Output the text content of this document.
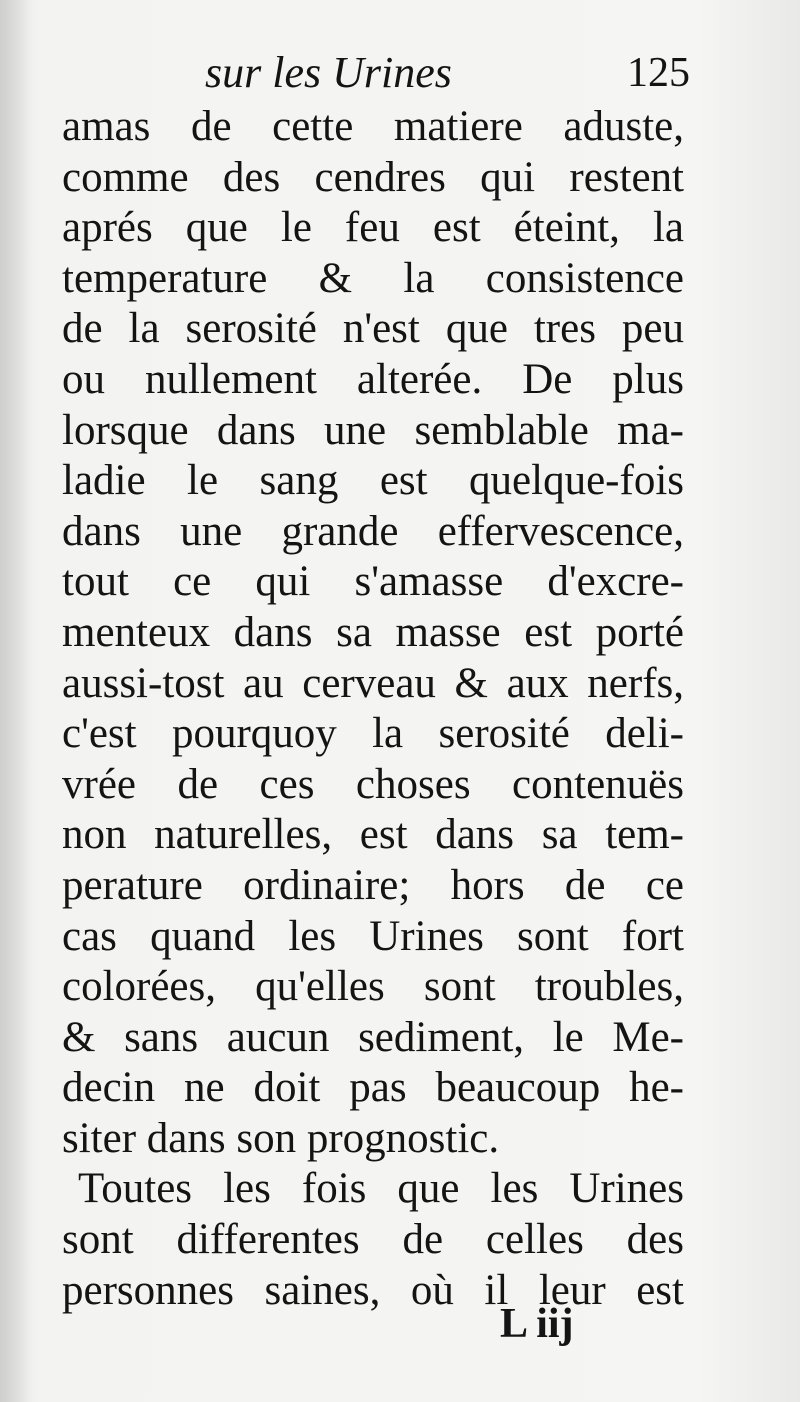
sur les Urines	125
amas de cette matiere aduste,
comme des cendres qui restent
aprés que le feu est éteint, la
temperature & la consistence
de la serosité n'est que tres peu
ou nullement alterée. De plus
lorsque dans une semblable ma-
ladie le sang est quelque-fois
dans une grande effervescence,
tout ce qui s'amasse d'excre-
menteux dans sa masse est porté
aussi-tost au cerveau & aux nerfs,
c'est pourquoy la serosité deli-
vrée de ces choses contenuës
non naturelles, est dans sa tem-
perature ordinaire; hors de ce
cas quand les Urines sont fort
colorées, qu'elles sont troubles,
& sans aucun sediment, le Me-
decin ne doit pas beaucoup he-
siter dans son prognostic.
Toutes les fois que les Urines
sont differentes de celles des
personnes saines, où il leur est
L iij
